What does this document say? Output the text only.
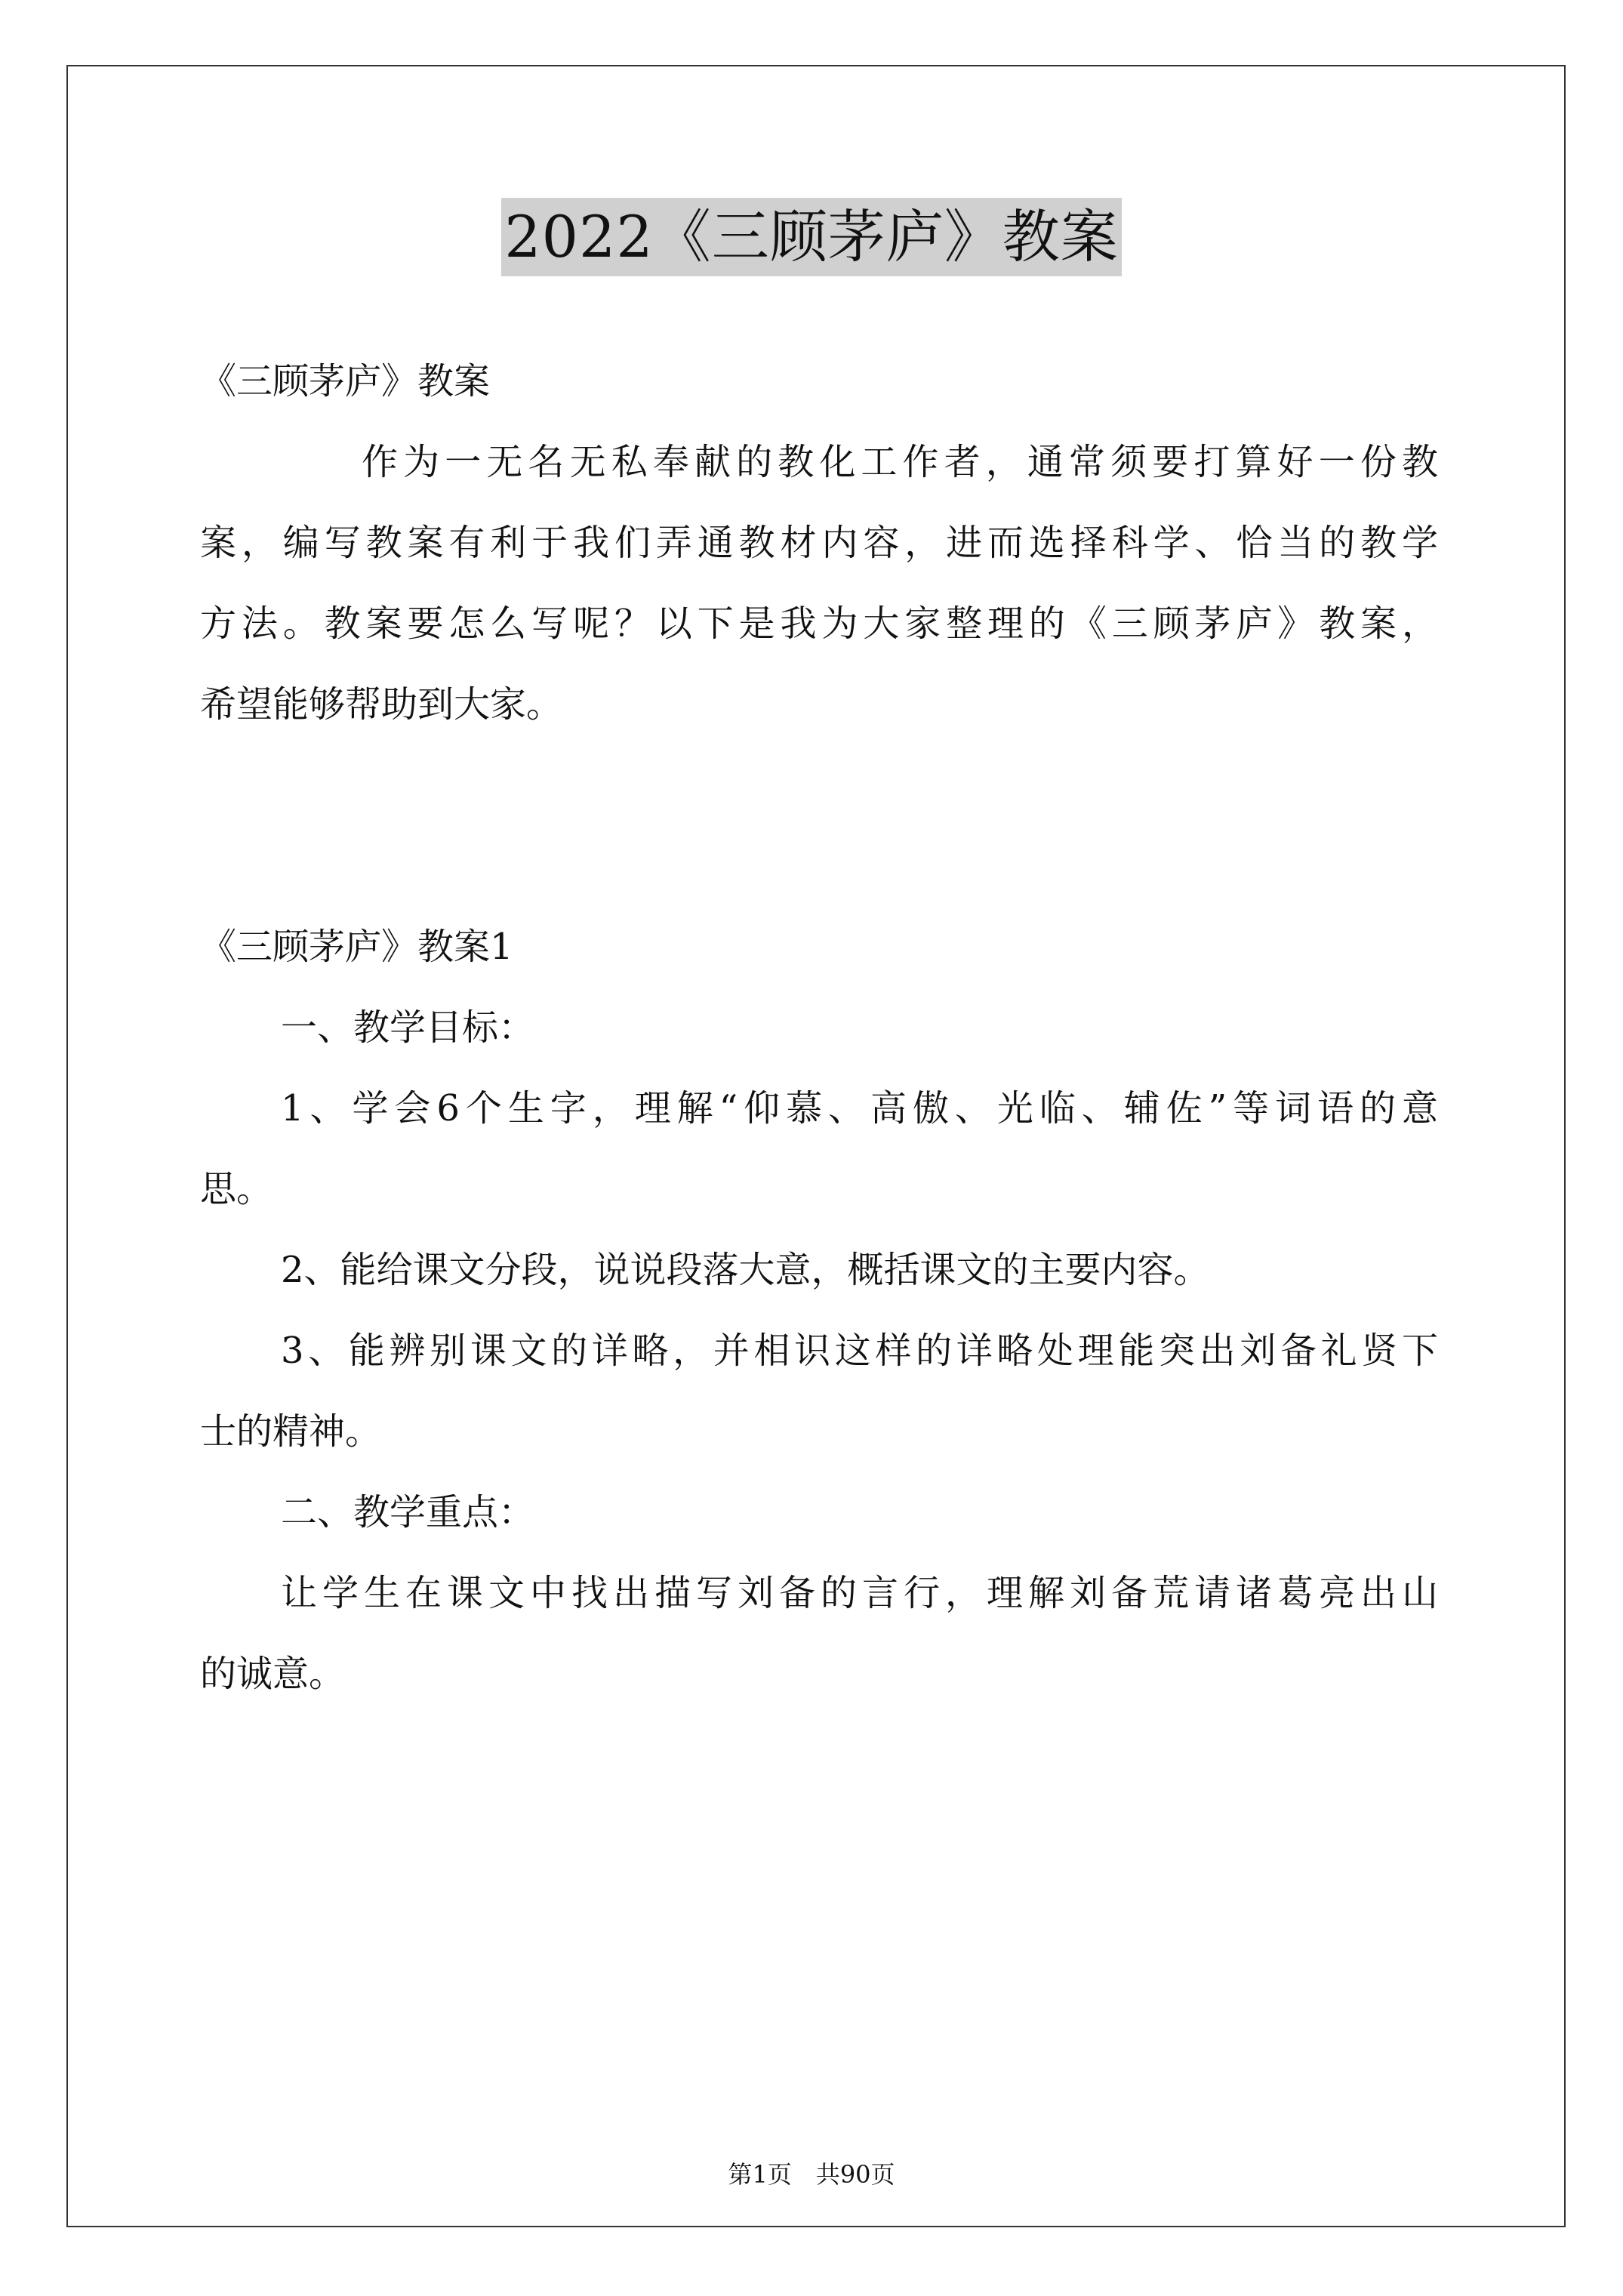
2022《三顾茅庐》教案
《三顾茅庐》教案
作为一无名无私奉献的教化工作者，通常须要打算好一份教
案，编写教案有利于我们弄通教材内容，进而选择科学、恰当的教学
方法。教案要怎么写呢？以下是我为大家整理的《三顾茅庐》教案，
希望能够帮助到大家。
《三顾茅庐》教案1
一、教学目标：
1、学会6个生字，理解“仰慕、高傲、光临、辅佐”等词语的意
思。
2、能给课文分段，说说段落大意，概括课文的主要内容。
3、能辨别课文的详略，并相识这样的详略处理能突出刘备礼贤下
士的精神。
二、教学重点：
让学生在课文中找出描写刘备的言行，理解刘备荒请诸葛亮出山
的诚意。
第1页　共90页
